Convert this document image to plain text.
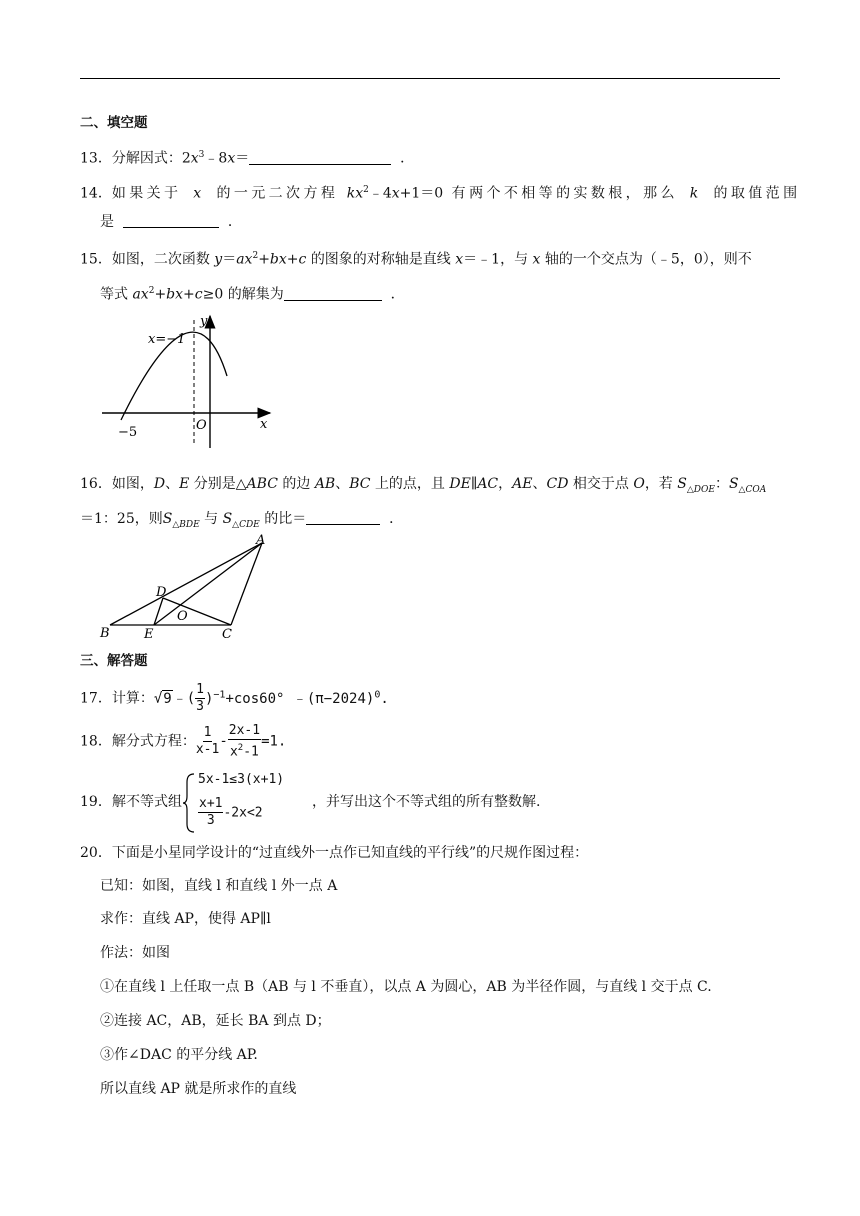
二、填空题
13．分解因式：$2x^3﹣8x=$	．
14．如果关于 x 的一元二次方程 $kx^2﹣4x+1=0$ 有两个不相等的实数根，那么 k 的取值范围
是	．
15．如图，二次函数 $y=ax^2+bx+c$ 的图象的对称轴是直线 x＝﹣1，与 x 轴的一个交点为（﹣5，0），则不
等式 $ax^2+bx+c\ge 0$ 的解集为	．
x=−1
y
x
O
−5
16．如图，D、E 分别是△ABC 的边 AB、BC 上的点，且 DE∥AC，AE、CD 相交于点 O，若 $S_{\triangle DOE}$：$S_{\triangle COA}$
＝1：25，则$S_{\triangle BDE}$ 与 $S_{\triangle CDE}$ 的比＝	．
A
B	C
D
E
O
三、解答题
17．计算：√9﹣( $\frac{1}{3} )^{-1}+\cos 60^\circ$ $﹣(\pi-2024)^0$.
18．解分式方程： $\frac{1}{x-1} - \frac{2x-1}{x^2-1} =1$.
19． 解不等式组
5x-1≤3(x+1)
$\frac{x+1}{3} -2x<2$
，并写出这个不等式组的所有整数解.
20．下面是小星同学设计的“过直线外一点作已知直线的平行线”的尺规作图过程：
已知：如图，直线 l 和直线 l 外一点 A
求作：直线 AP，使得 AP∥l
作法：如图
①在直线 l 上任取一点 B（AB 与 l 不垂直），以点 A 为圆心，AB 为半径作圆，与直线 l 交于点 C.
②连接 AC，AB，延长 BA 到点 D；
③作∠DAC 的平分线 AP.
所以直线 AP 就是所求作的直线
